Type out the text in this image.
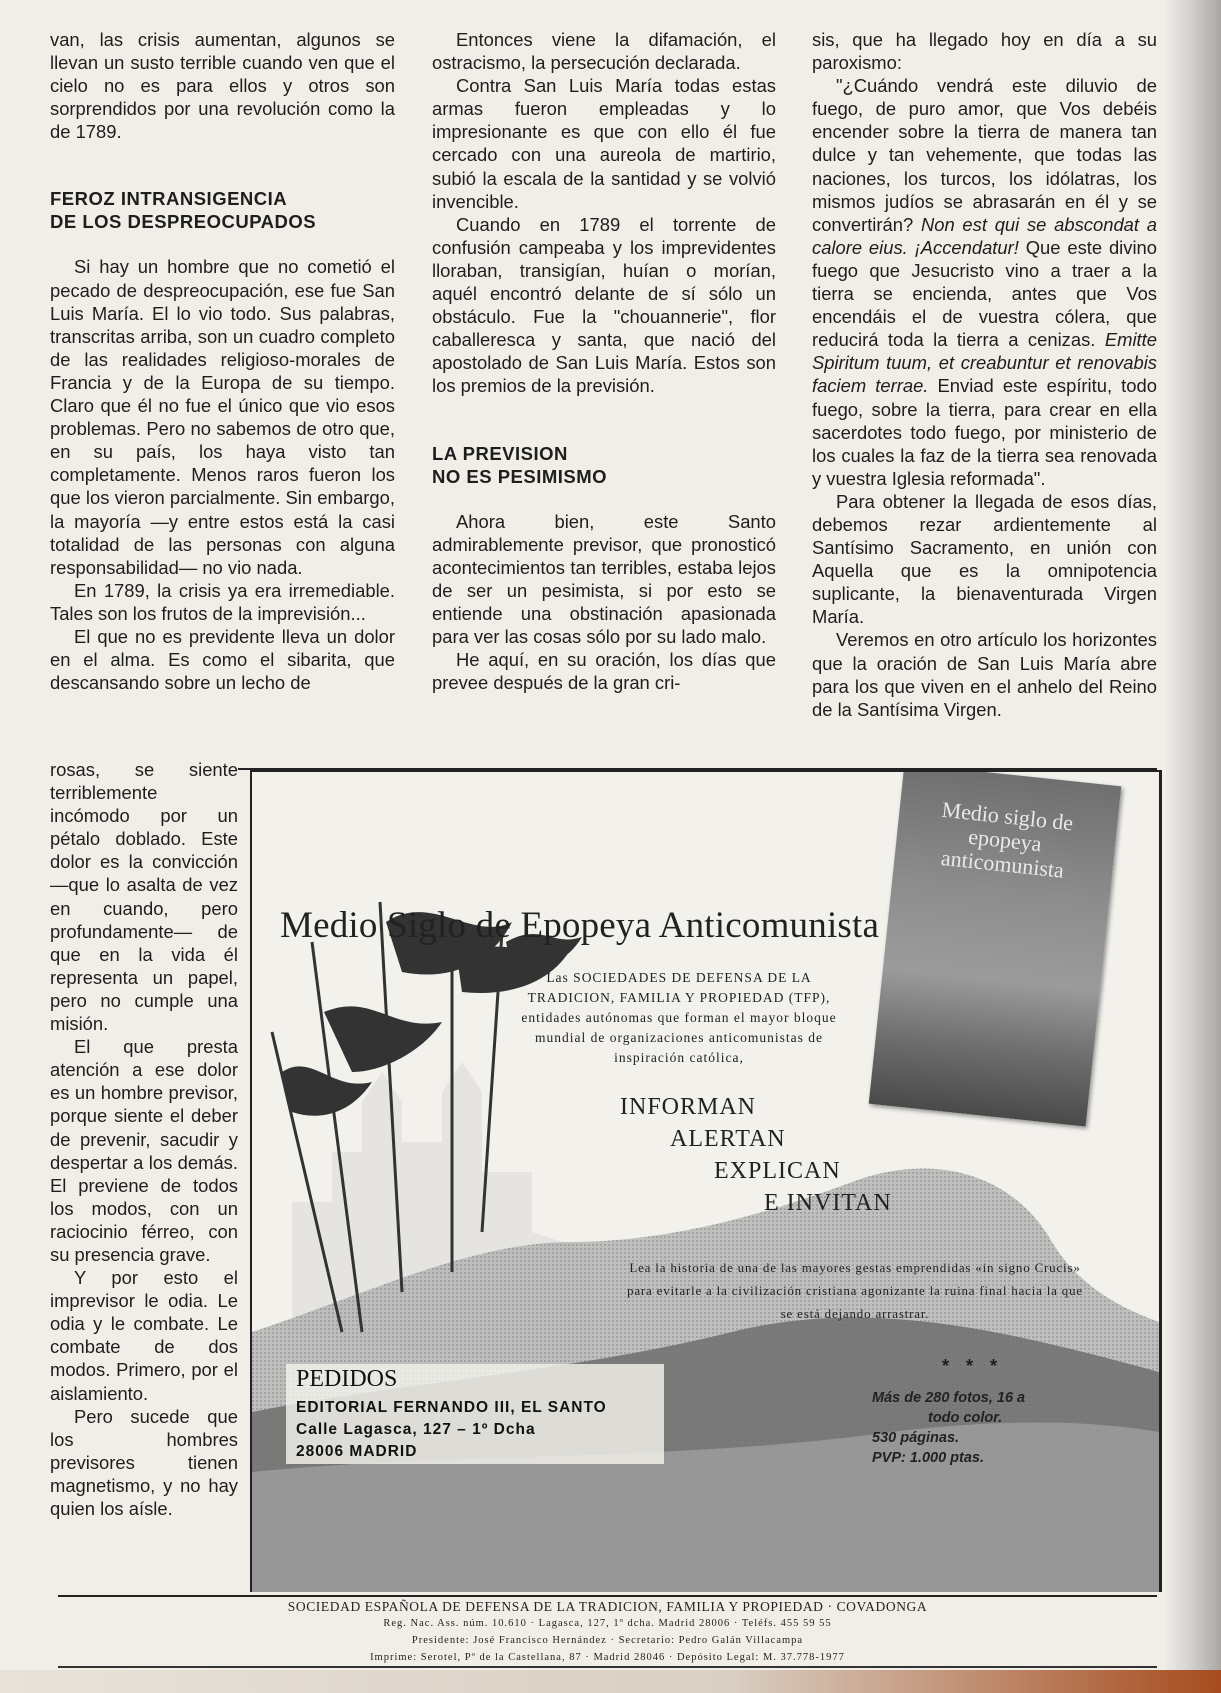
van, las crisis aumentan, algunos se llevan un susto terrible cuando ven que el cielo no es para ellos y otros son sorprendidos por una revolución como la de 1789.

FEROZ INTRANSIGENCIA

DE LOS DESPREOCUPADOS

Si hay un hombre que no cometió el pecado de despreocupación, ese fue San Luis María. El lo vio todo. Sus palabras, transcritas arriba, son un cuadro completo de las realidades religioso-morales de Francia y de la Europa de su tiempo. Claro que él no fue el único que vio esos problemas. Pero no sabemos de otro que, en su país, los haya visto tan completamente. Menos raros fueron los que los vieron parcialmente. Sin embargo, la mayoría —y entre estos está la casi totalidad de las personas con alguna responsabilidad— no vio nada.

En 1789, la crisis ya era irremediable. Tales son los frutos de la imprevisión...

El que no es previdente lleva un dolor en el alma. Es como el sibarita, que descansando sobre un lecho de

rosas, se siente terriblemente incómodo por un pétalo doblado. Este dolor es la convicción —que lo asalta de vez en cuando, pero profundamente— de que en la vida él representa un papel, pero no cumple una misión.

El que presta atención a ese dolor es un hombre previsor, porque siente el deber de prevenir, sacudir y despertar a los demás. El previene de todos los modos, con un raciocinio férreo, con su presencia grave.

Y por esto el imprevisor le odia. Le odia y le combate. Le combate de dos modos. Primero, por el aislamiento.

Pero sucede que los hombres previsores tienen magnetismo, y no hay quien los aísle.

Entonces viene la difamación, el ostracismo, la persecución declarada.

Contra San Luis María todas estas armas fueron empleadas y lo impresionante es que con ello él fue cercado con una aureola de martirio, subió la escala de la santidad y se volvió invencible.

Cuando en 1789 el torrente de confusión campeaba y los imprevidentes lloraban, transigían, huían o morían, aquél encontró delante de sí sólo un obstáculo. Fue la "chouannerie", flor caballeresca y santa, que nació del apostolado de San Luis María. Estos son los premios de la previsión.

LA PREVISION

NO ES PESIMISMO

Ahora bien, este Santo admirablemente previsor, que pronosticó acontecimientos tan terribles, estaba lejos de ser un pesimista, si por esto se entiende una obstinación apasionada para ver las cosas sólo por su lado malo.

He aquí, en su oración, los días que prevee después de la gran cri-

sis, que ha llegado hoy en día a su paroxismo:

"¿Cuándo vendrá este diluvio de fuego, de puro amor, que Vos debéis encender sobre la tierra de manera tan dulce y tan vehemente, que todas las naciones, los turcos, los idólatras, los mismos judíos se abrasarán en él y se convertirán? Non est qui se abscondat a calore eius. ¡Accendatur! Que este divino fuego que Jesucristo vino a traer a la tierra se encienda, antes que Vos encendáis el de vuestra cólera, que reducirá toda la tierra a cenizas. Emitte Spiritum tuum, et creabuntur et renovabis faciem terrae. Enviad este espíritu, todo fuego, sobre la tierra, para crear en ella sacerdotes todo fuego, por ministerio de los cuales la faz de la tierra sea renovada y vuestra Iglesia reformada".

Para obtener la llegada de esos días, debemos rezar ardientemente al Santísimo Sacramento, en unión con Aquella que es la omnipotencia suplicante, la bienaventurada Virgen María.

Veremos en otro artículo los horizontes que la oración de San Luis María abre para los que viven en el anhelo del Reino de la Santísima Virgen.

Medio siglo de epopeya anticomunista
Medio Siglo de Epopeya Anticomunista
Las SOCIEDADES DE DEFENSA DE LA TRADICION, FAMILIA Y PROPIEDAD (TFP), entidades autónomas que forman el mayor bloque mundial de organizaciones anticomunistas de inspiración católica,
INFORMAN
ALERTAN
EXPLICAN
E INVITAN
Lea la historia de una de las mayores gestas emprendidas «in signo Crucis» para evitarle a la civilización cristiana agonizante la ruina final hacia la que se está dejando arrastrar.
* * *
Más de 280 fotos, 16 a
todo color.
530 páginas.
PVP: 1.000 ptas.
PEDIDOS
EDITORIAL FERNANDO III, EL SANTO
Calle Lagasca, 127 – 1º Dcha
28006 MADRID
SOCIEDAD ESPAÑOLA DE DEFENSA DE LA TRADICION, FAMILIA Y PROPIEDAD · COVADONGA
Reg. Nac. Ass. núm. 10.610 · Lagasca, 127, 1º dcha. Madrid 28006 · Teléfs. 455 59 55
Presidente: José Francisco Hernández · Secretario: Pedro Galán Villacampa
Imprime: Serotel, Pº de la Castellana, 87 · Madrid 28046 · Depósito Legal: M. 37.778-1977
